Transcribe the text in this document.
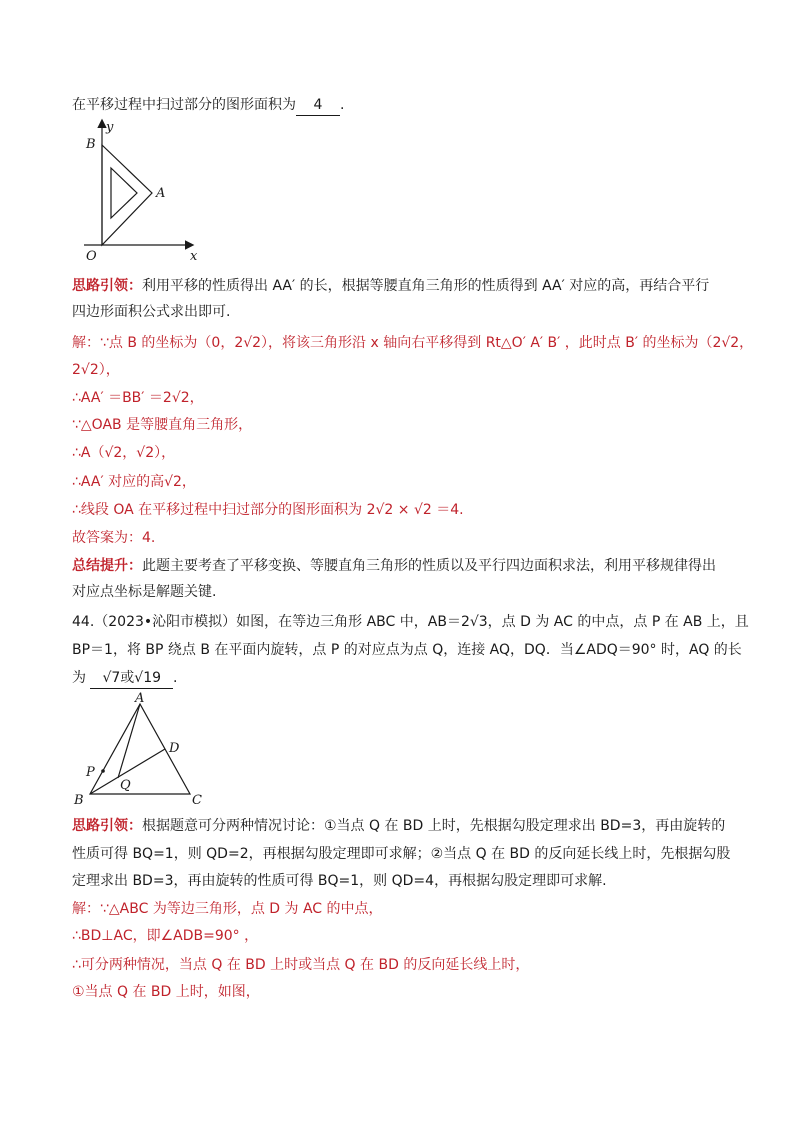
在平移过程中扫过部分的图形面积为 4 .
y
B
A
O	x
思路引领：利用平移的性质得出 AA′ 的长，根据等腰直角三角形的性质得到 AA′ 对应的高，再结合平行
四边形面积公式求出即可.
解：∵点 B 的坐标为（0，2√2），将该三角形沿 x 轴向右平移得到 Rt△O′ A′ B′ ，此时点 B′ 的坐标为（2√2，
2√2），
∴AA′ ＝BB′ ＝2√2，
∵△OAB 是等腰直角三角形，
∴A（√2，√2），
∴AA′ 对应的高√2，
∴线段 OA 在平移过程中扫过部分的图形面积为 2√2 × √2 ＝4.
故答案为：4.
总结提升：此题主要考查了平移变换、等腰直角三角形的性质以及平行四边面积求法，利用平移规律得出
对应点坐标是解题关键.
44.（2023•沁阳市模拟）如图，在等边三角形 ABC 中，AB＝2√3，点 D 为 AC 的中点，点 P 在 AB 上，且
BP＝1，将 BP 绕点 B 在平面内旋转，点 P 的对应点为点 Q，连接 AQ，DQ．当∠ADQ＝90° 时，AQ 的长
为 √7或√19 .
A
D
P
Q
B	C
思路引领：根据题意可分两种情况讨论：①当点 Q 在 BD 上时，先根据勾股定理求出 BD=3，再由旋转的
性质可得 BQ=1，则 QD=2，再根据勾股定理即可求解；②当点 Q 在 BD 的反向延长线上时，先根据勾股
定理求出 BD=3，再由旋转的性质可得 BQ=1，则 QD=4，再根据勾股定理即可求解.
解：∵△ABC 为等边三角形，点 D 为 AC 的中点，
∴BD⊥AC，即∠ADB=90° ，
∴可分两种情况，当点 Q 在 BD 上时或当点 Q 在 BD 的反向延长线上时，
①当点 Q 在 BD 上时，如图，
